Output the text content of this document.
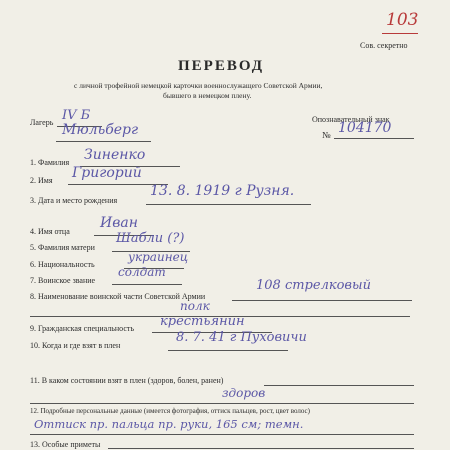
103
Сов. секретно
ПЕРЕВОД
с личной трофейной немецкой карточки военнослужащего Советской Армии,
бывшего в немецком плену.
Лагерь IV Б
Мюльберг
Опознавательный знак
№ 104170
1. Фамилия Зиненко
2. Имя Григорий
3. Дата и место рождения
13. 8. 1919 г Рузня.
4. Имя отца
Иван
5. Фамилия матери
Шабли (?)
6. Национальность
украинец
7. Воинское звание
солдат
8. Наименование воинской части Советской Армии
108 стрелковый
полк
9. Гражданская специальность крестьянин
10. Когда и где взят в плен
8. 7. 41 г Пуховичи
11. В каком состоянии взят в плен (здоров, болен, ранен)
здоров
12. Подробные персональные данные (имеется фотография, оттиск пальцев, рост, цвет волос)
Оттиск пр. пальца пр. руки, 165 см; темн.
13. Особые приметы
